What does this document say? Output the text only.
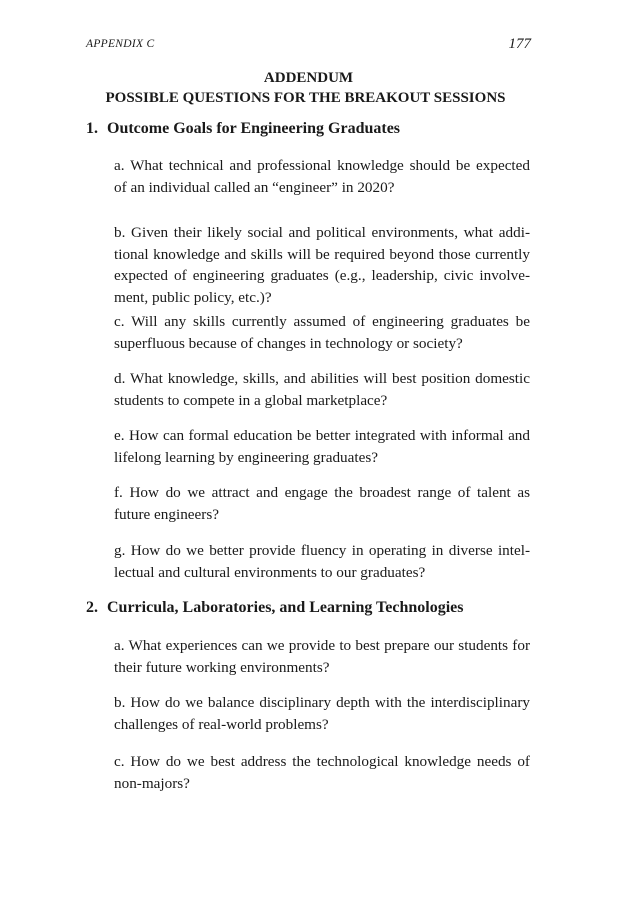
APPENDIX C	177
ADDENDUM
POSSIBLE QUESTIONS FOR THE BREAKOUT SESSIONS
1. Outcome Goals for Engineering Graduates

a. What technical and professional knowledge should be expected of an individual called an “engineer” in 2020?

b. Given their likely social and political environments, what additional knowledge and skills will be required beyond those currently expected of engineering graduates (e.g., leadership, civic involvement, public policy, etc.)?

c. Will any skills currently assumed of engineering graduates be superfluous because of changes in technology or society?

d. What knowledge, skills, and abilities will best position domestic students to compete in a global marketplace?

e. How can formal education be better integrated with informal and lifelong learning by engineering graduates?

f. How do we attract and engage the broadest range of talent as future engineers?

g. How do we better provide fluency in operating in diverse intellectual and cultural environments to our graduates?

2. Curricula, Laboratories, and Learning Technologies

a. What experiences can we provide to best prepare our students for their future working environments?

b. How do we balance disciplinary depth with the interdisciplinary challenges of real-world problems?

c. How do we best address the technological knowledge needs of non-majors?
